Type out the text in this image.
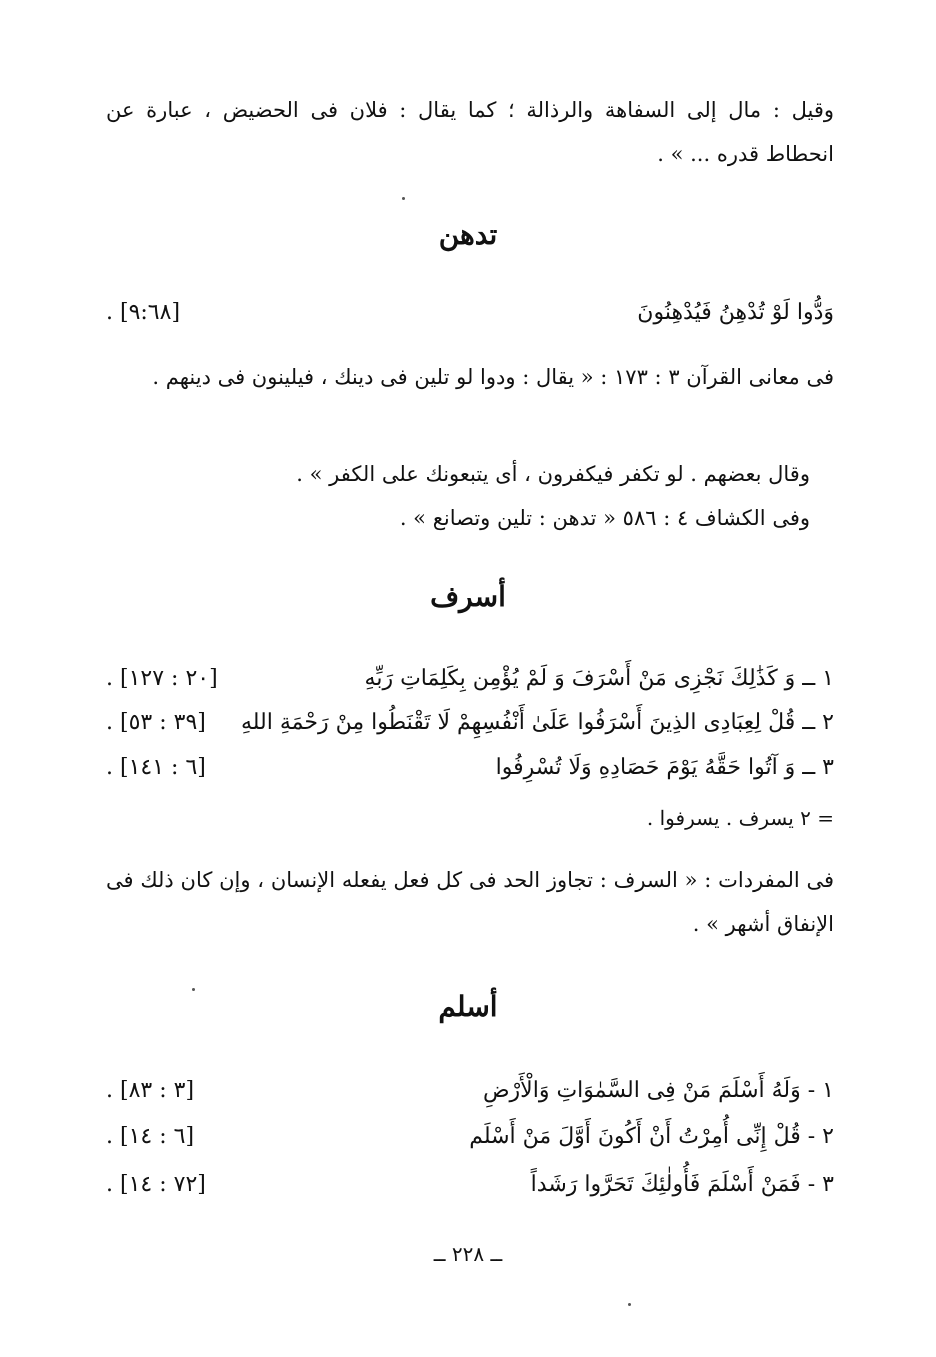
وقيل : مال إلى السفاهة والرذالة ؛ كما يقال : فلان فى الحضيض ، عبارة عن انحطاط قدره ... » .
تدهن
وَدُّوا لَوْ تُدْهِنُ فَيُدْهِنُونَ
[٩:٦٨] .
فى معانى القرآن ٣ : ١٧٣ : « يقال : ودوا لو تلين فى دينك ، فيلينون فى دينهم .
وقال بعضهم . لو تكفر فيكفرون ، أى يتبعونك على الكفر » .
وفى الكشاف ٤ : ٥٨٦ « تدهن : تلين وتصانع » .
أسرف
١ ــ وَ كَذَٰلِكَ نَجْزِى مَنْ أَسْرَفَ وَ لَمْ يُؤْمِن بِكَلِمَاتِ رَبِّهِ
[٢٠ : ١٢٧] .
٢ ــ قُلْ لِعِبَادِى الذِينَ أَسْرَفُوا عَلَىٰ أَنْفُسِهِمْ لَا تَقْنَطُوا مِنْ رَحْمَةِ اللهِ
[٣٩ : ٥٣] .
٣ ــ وَ آتُوا حَقَّهُ يَوْمَ حَصَادِهِ وَلَا تُسْرِفُوا
[٦ : ١٤١] .
= ٢ يسرف . يسرفوا .
فى المفردات : « السرف : تجاوز الحد فى كل فعل يفعله الإنسان ، وإن كان ذلك فى الإنفاق أشهر » .
أسلم
١ - وَلَهُ أَسْلَمَ مَنْ فِى السَّمٰوَاتِ وَالْأَرْضِ
[٣ : ٨٣] .
٢ - قُلْ إِنِّى أُمِرْتُ أَنْ أَكُونَ أَوَّلَ مَنْ أَسْلَم
[٦ : ١٤] .
٣ - فَمَنْ أَسْلَمَ فَأُولٰئِكَ تَحَرَّوا رَشَداً
[٧٢ : ١٤] .
ــ ٢٢٨ ــ
